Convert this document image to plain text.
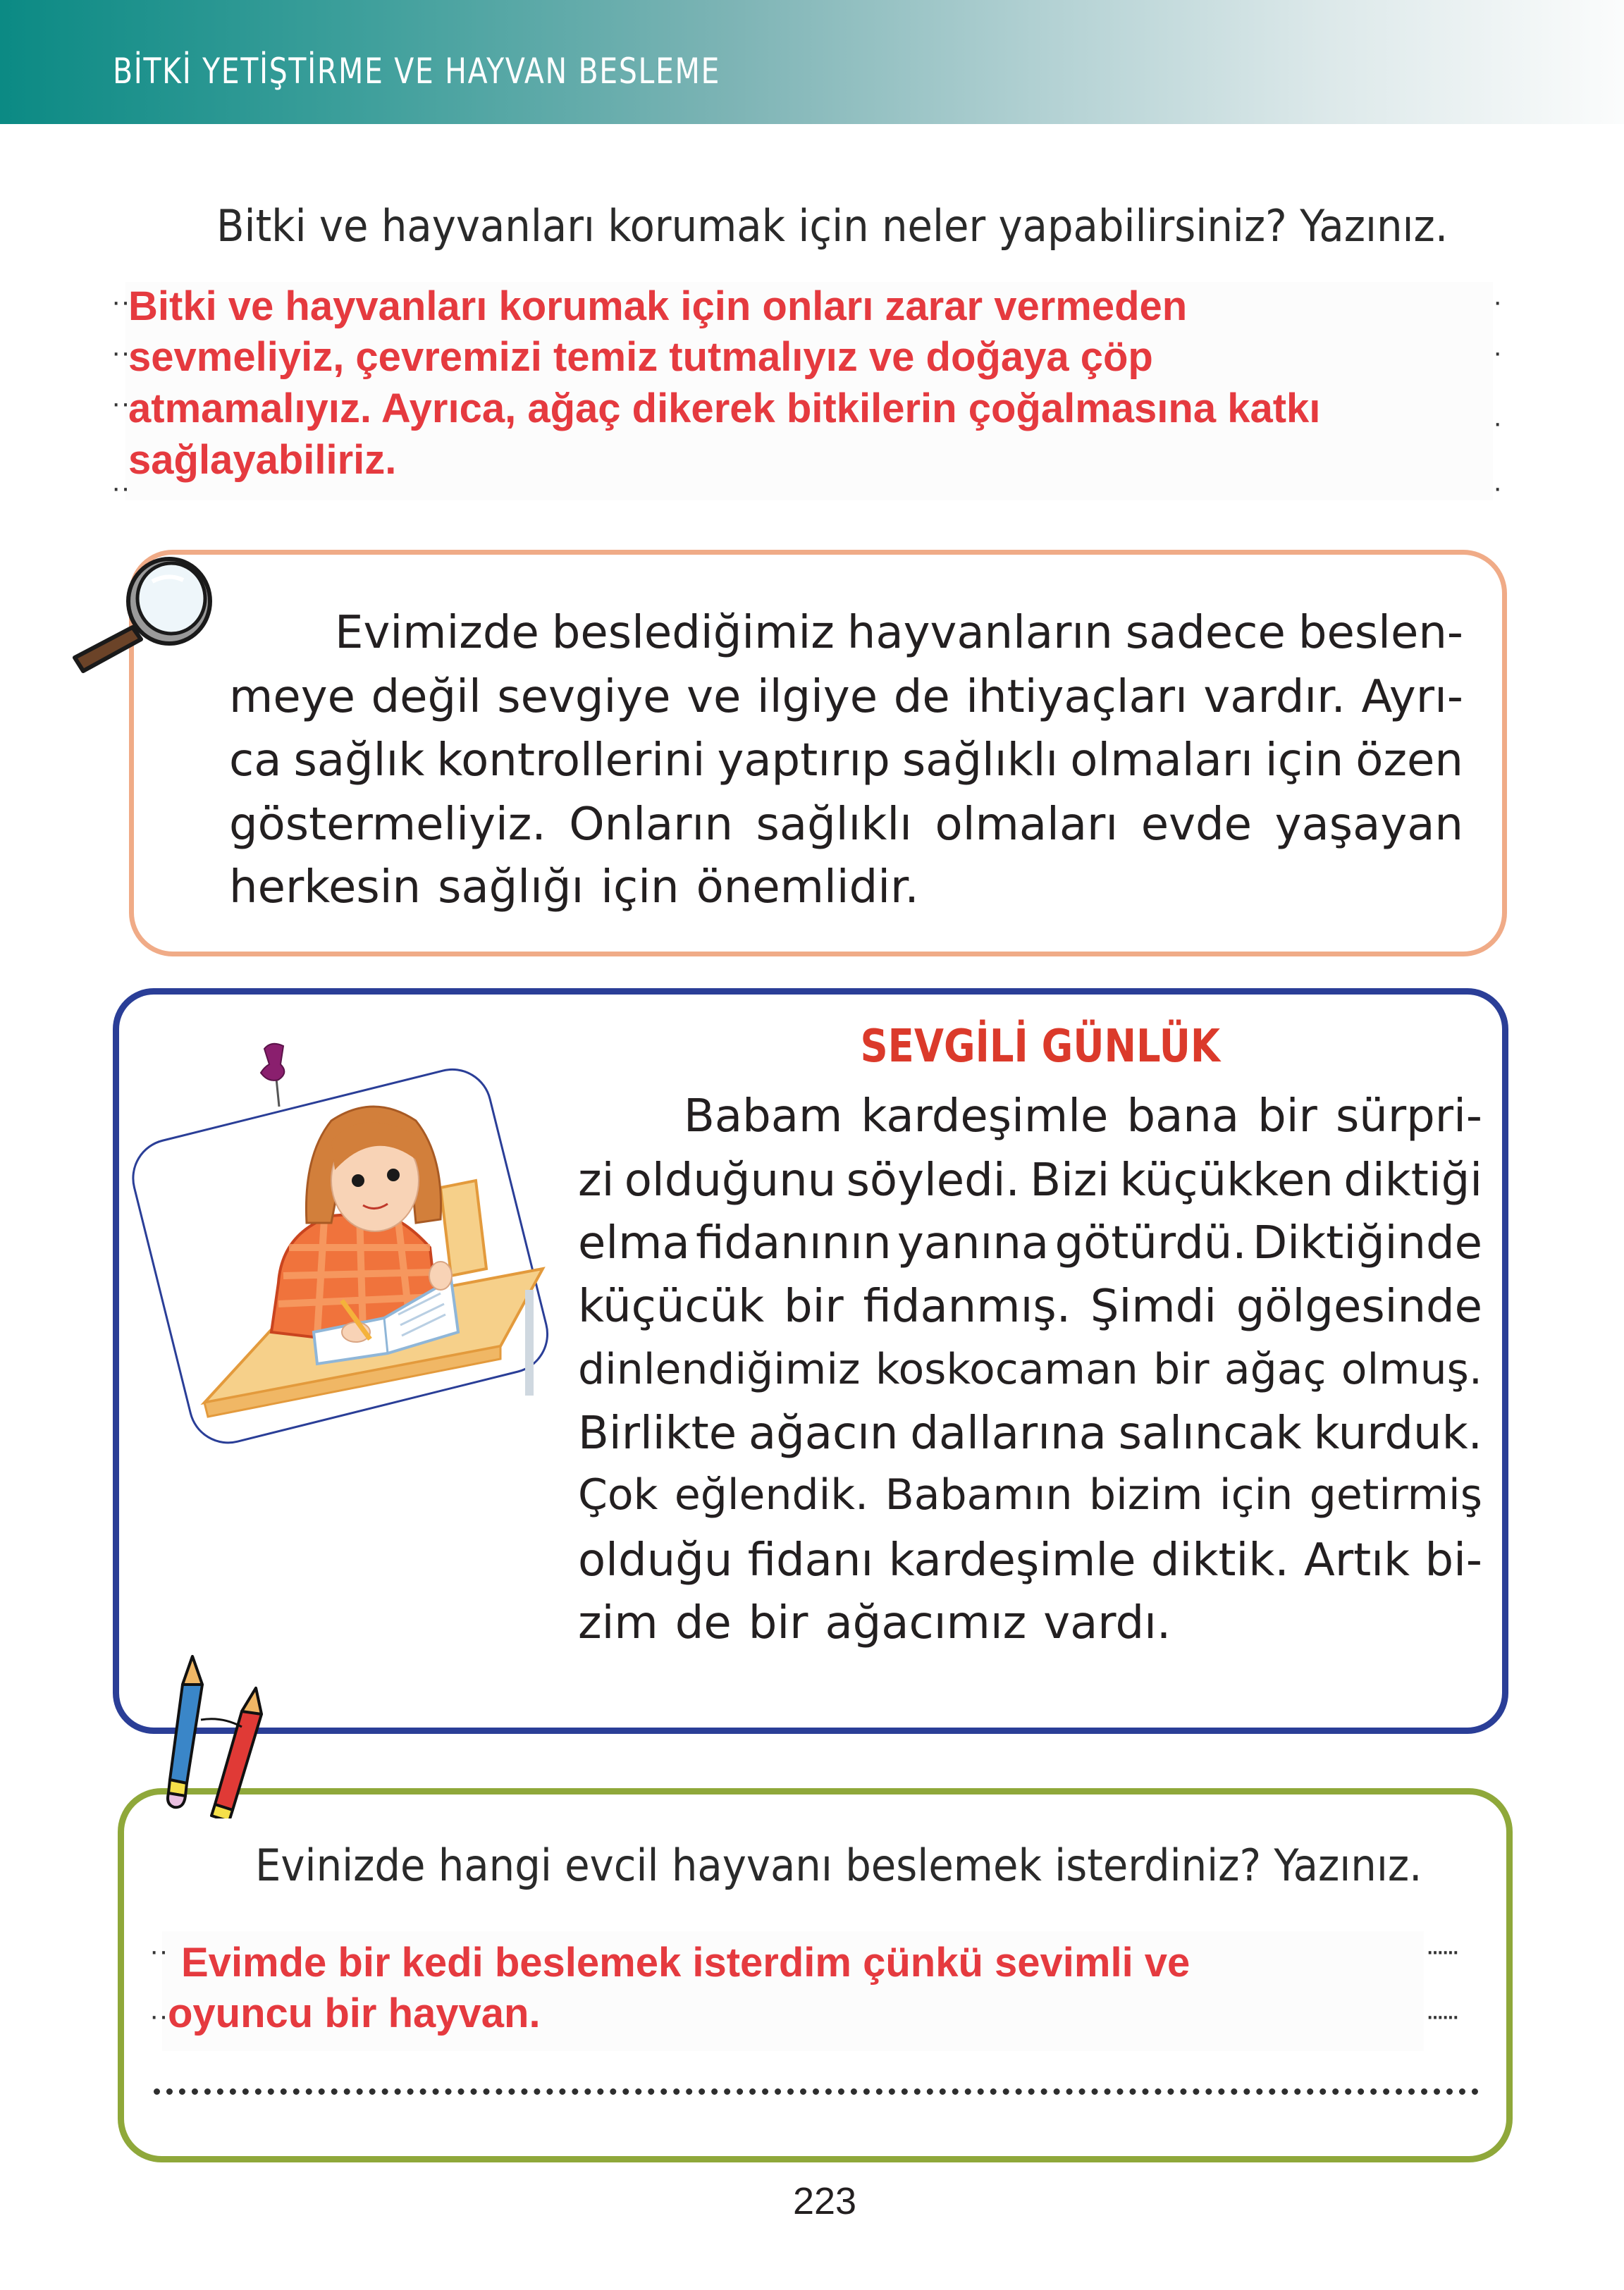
BİTKİ YETİŞTİRME VE HAYVAN BESLEME
Bitki ve hayvanları korumak için neler yapabilirsiniz? Yazınız.
··
··
··
··
·
·
·
·
Bitki ve hayvanları korumak için onları zarar vermeden
sevmeliyiz, çevremizi temiz tutmalıyız ve doğaya çöp
atmamalıyız. Ayrıca, ağaç dikerek bitkilerin çoğalmasına katkı
sağlayabiliriz.
Evimizde beslediğimiz hayvanların sadece beslen-
meye değil sevgiye ve ilgiye de ihtiyaçları vardır. Ayrı-
ca sağlık kontrollerini yaptırıp sağlıklı olmaları için özen
göstermeliyiz. Onların sağlıklı olmaları evde yaşayan
herkesin sağlığı için önemlidir.
SEVGİLİ GÜNLÜK
Babam kardeşimle bana bir sürpri-
zi olduğunu söyledi. Bizi küçükken diktiği
elma fidanının yanına götürdü. Diktiğinde
küçücük bir fidanmış. Şimdi gölgesinde
dinlendiğimiz koskocaman bir ağaç olmuş.
Birlikte ağacın dallarına salıncak kurduk.
Çok eğlendik. Babamın bizim için getirmiş
olduğu fidanı kardeşimle diktik. Artık bi-
zim de bir ağacımız vardı.
Evinizde hangi evcil hayvanı beslemek isterdiniz? Yazınız.
··
··
······
······
Evimde bir kedi beslemek isterdim çünkü sevimli ve
oyuncu bir hayvan.
223
